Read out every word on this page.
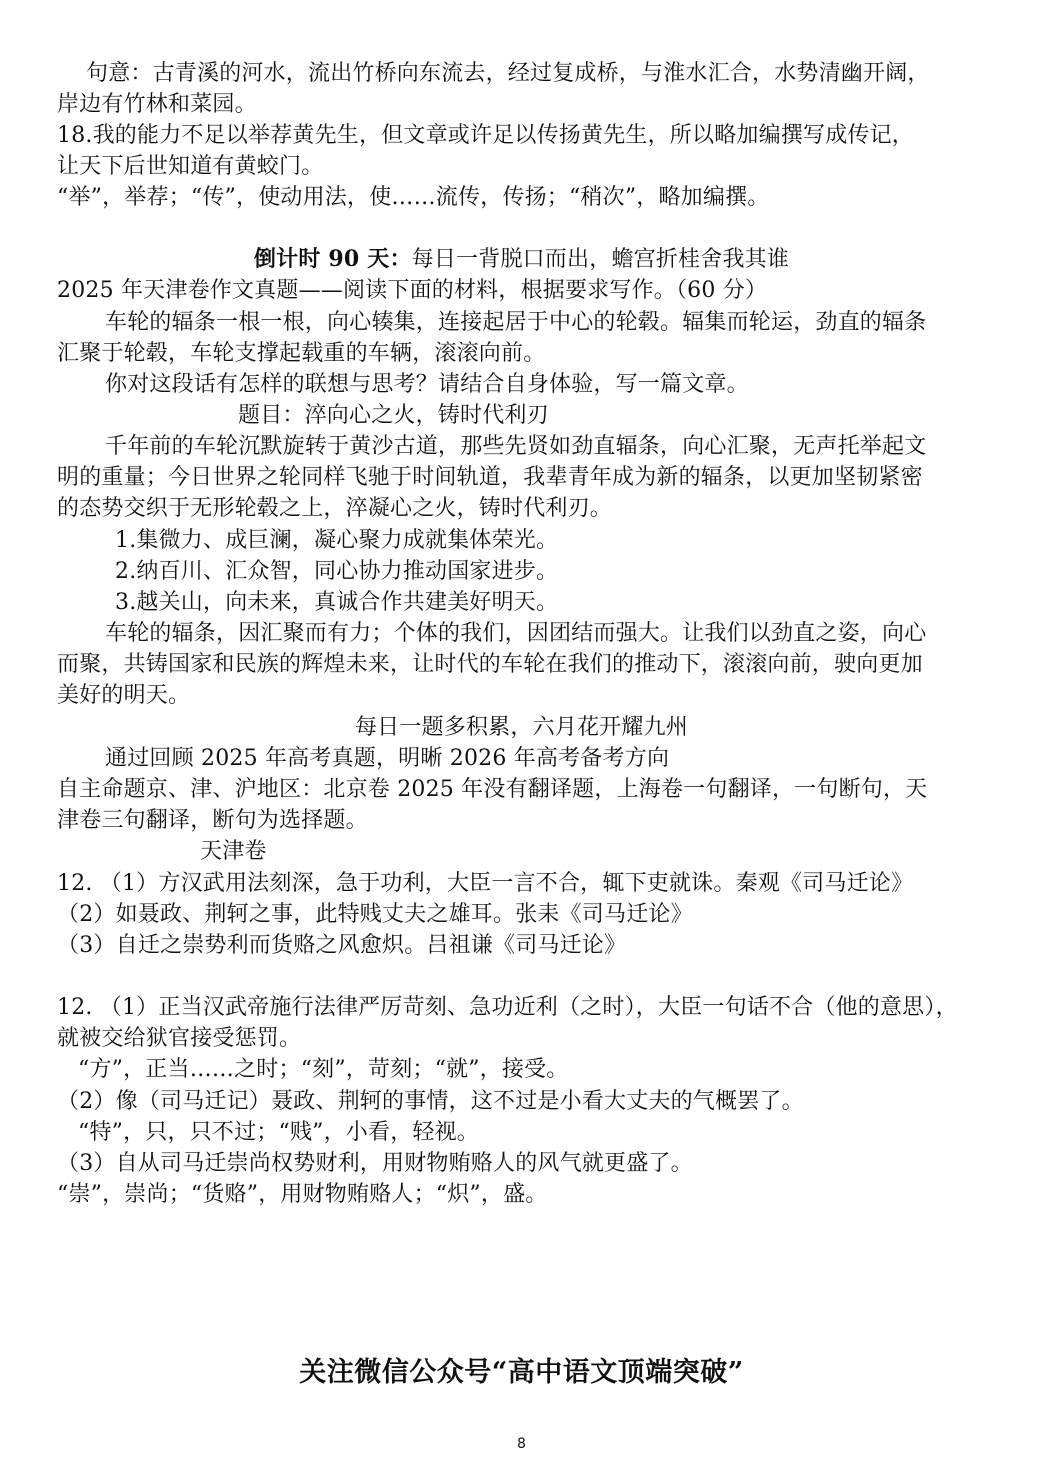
句意：古青溪的河水，流出竹桥向东流去，经过复成桥，与淮水汇合，水势清幽开阔，
岸边有竹林和菜园。
18.我的能力不足以举荐黄先生，但文章或许足以传扬黄先生，所以略加编撰写成传记，
让天下后世知道有黄蛟门。
“举”，举荐；“传”，使动用法，使……流传，传扬；“稍次”，略加编撰。
倒计时 90 天：每日一背脱口而出，蟾宫折桂舍我其谁
2025 年天津卷作文真题——阅读下面的材料，根据要求写作。（60 分）
车轮的辐条一根一根，向心辏集，连接起居于中心的轮毂。辐集而轮运，劲直的辐条
汇聚于轮毂，车轮支撑起载重的车辆，滚滚向前。
你对这段话有怎样的联想与思考？请结合自身体验，写一篇文章。
题目：淬向心之火，铸时代利刃
千年前的车轮沉默旋转于黄沙古道，那些先贤如劲直辐条，向心汇聚，无声托举起文
明的重量；今日世界之轮同样飞驰于时间轨道，我辈青年成为新的辐条，以更加坚韧紧密
的态势交织于无形轮毂之上，淬凝心之火，铸时代利刃。
1.集微力、成巨澜，凝心聚力成就集体荣光。
2.纳百川、汇众智，同心协力推动国家进步。
3.越关山，向未来，真诚合作共建美好明天。
车轮的辐条，因汇聚而有力；个体的我们，因团结而强大。让我们以劲直之姿，向心
而聚，共铸国家和民族的辉煌未来，让时代的车轮在我们的推动下，滚滚向前，驶向更加
美好的明天。
每日一题多积累，六月花开耀九州
通过回顾 2025 年高考真题，明晰 2026 年高考备考方向
自主命题京、津、沪地区：北京卷 2025 年没有翻译题，上海卷一句翻译，一句断句，天
津卷三句翻译，断句为选择题。
天津卷
12. （1）方汉武用法刻深，急于功利，大臣一言不合，辄下吏就诛。秦观《司马迁论》
（2）如聂政、荆轲之事，此特贱丈夫之雄耳。张耒《司马迁论》
（3）自迁之崇势利而货赂之风愈炽。吕祖谦《司马迁论》
12. （1）正当汉武帝施行法律严厉苛刻、急功近利（之时），大臣一句话不合（他的意思），
就被交给狱官接受惩罚。
“方”，正当……之时；“刻”，苛刻；“就”，接受。
（2）像（司马迁记）聂政、荆轲的事情，这不过是小看大丈夫的气概罢了。
“特”，只，只不过；“贱”，小看，轻视。
（3）自从司马迁崇尚权势财利，用财物贿赂人的风气就更盛了。
“崇”，崇尚；“货赂”，用财物贿赂人；“炽”，盛。
关注微信公众号“高中语文顶端突破”
8
